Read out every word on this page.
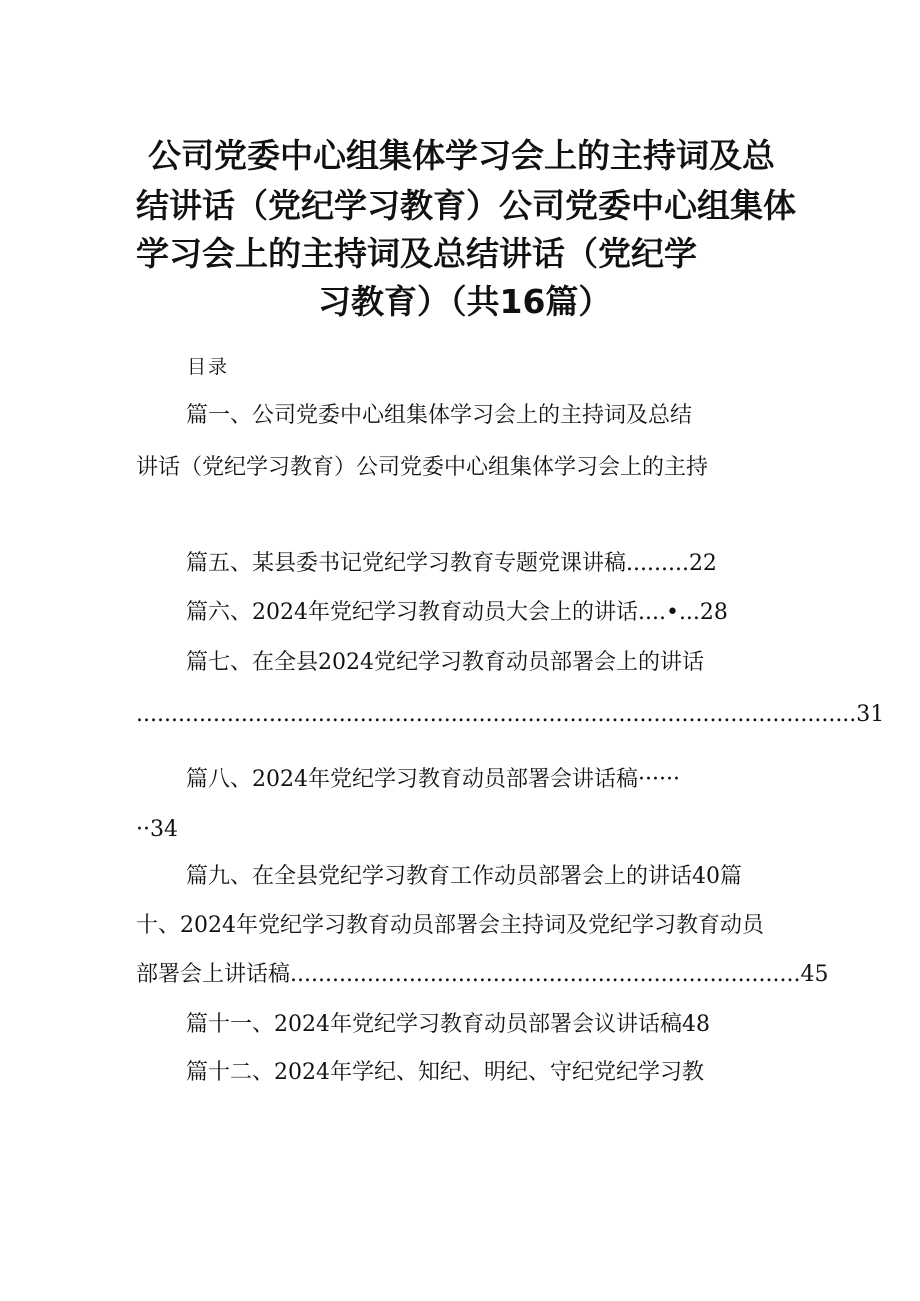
公司党委中心组集体学习会上的主持词及总
结讲话（党纪学习教育）公司党委中心组集体
学习会上的主持词及总结讲话（党纪学
习教育）（共16篇）
目录
篇一、公司党委中心组集体学习会上的主持词及总结
讲话（党纪学习教育）公司党委中心组集体学习会上的主持
篇五、某县委书记党纪学习教育专题党课讲稿.........22
篇六、2024年党纪学习教育动员大会上的讲话....•...28
篇七、在全县2024党纪学习教育动员部署会上的讲话
.......................................................................................................31
篇八、2024年党纪学习教育动员部署会讲话稿······
··34
篇九、在全县党纪学习教育工作动员部署会上的讲话40篇
十、2024年党纪学习教育动员部署会主持词及党纪学习教育动员
部署会上讲话稿.........................................................................45
篇十一、2024年党纪学习教育动员部署会议讲话稿48
篇十二、2024年学纪、知纪、明纪、守纪党纪学习教
